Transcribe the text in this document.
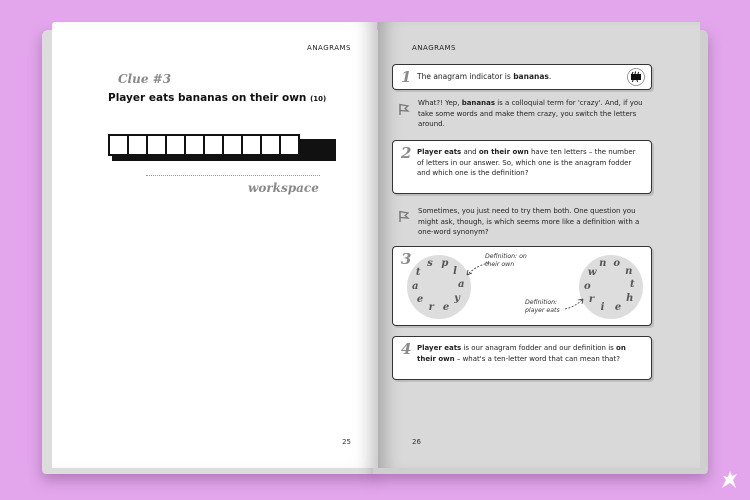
ANAGRAMS
Clue #3
Player eats bananas on their own (10)
workspace
25
ANAGRAMS
26
1 The anagram indicator is bananas.
What?! Yep, bananas is a colloquial term for 'crazy'. And, if you take some words and make them crazy, you switch the letters around.
2 Player eats and on their own have ten letters – the number of letters in our answer. So, which one is the anagram fodder and which one is the definition?
Sometimes, you just need to try them both. One question you might ask, though, is which seems more like a definition with a one-word synonym?
3 s p
l
a
y
e
r
e
a
t
n o
n
t
h
e
i
r
o
w
Definition: on their own
Definition: player eats
4 Player eats is our anagram fodder and our definition is on their own – what's a ten-letter word that can mean that?
